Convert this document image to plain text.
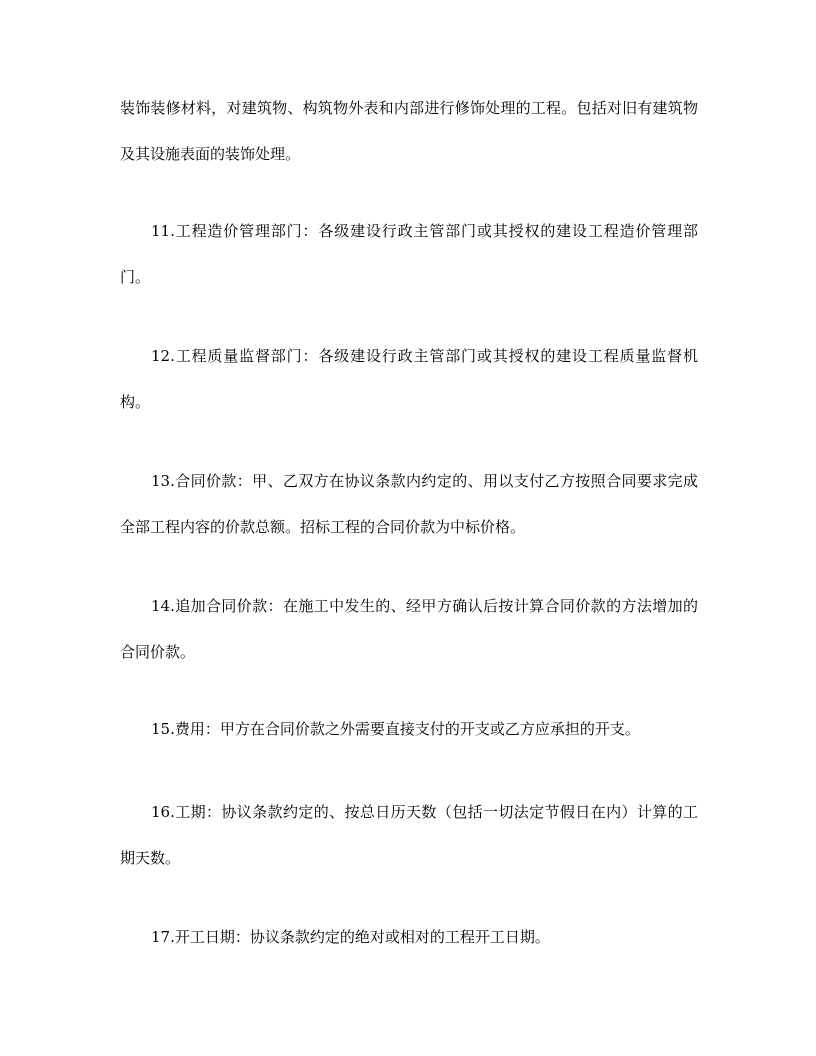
装饰装修材料，对建筑物、构筑物外表和内部进行修饰处理的工程。包括对旧有建筑物及其设施表面的装饰处理。

11.工程造价管理部门：各级建设行政主管部门或其授权的建设工程造价管理部门。

12.工程质量监督部门：各级建设行政主管部门或其授权的建设工程质量监督机构。

13.合同价款：甲、乙双方在协议条款内约定的、用以支付乙方按照合同要求完成全部工程内容的价款总额。招标工程的合同价款为中标价格。

14.追加合同价款：在施工中发生的、经甲方确认后按计算合同价款的方法增加的合同价款。

15.费用：甲方在合同价款之外需要直接支付的开支或乙方应承担的开支。

16.工期：协议条款约定的、按总日历天数（包括一切法定节假日在内）计算的工期天数。

17.开工日期：协议条款约定的绝对或相对的工程开工日期。
